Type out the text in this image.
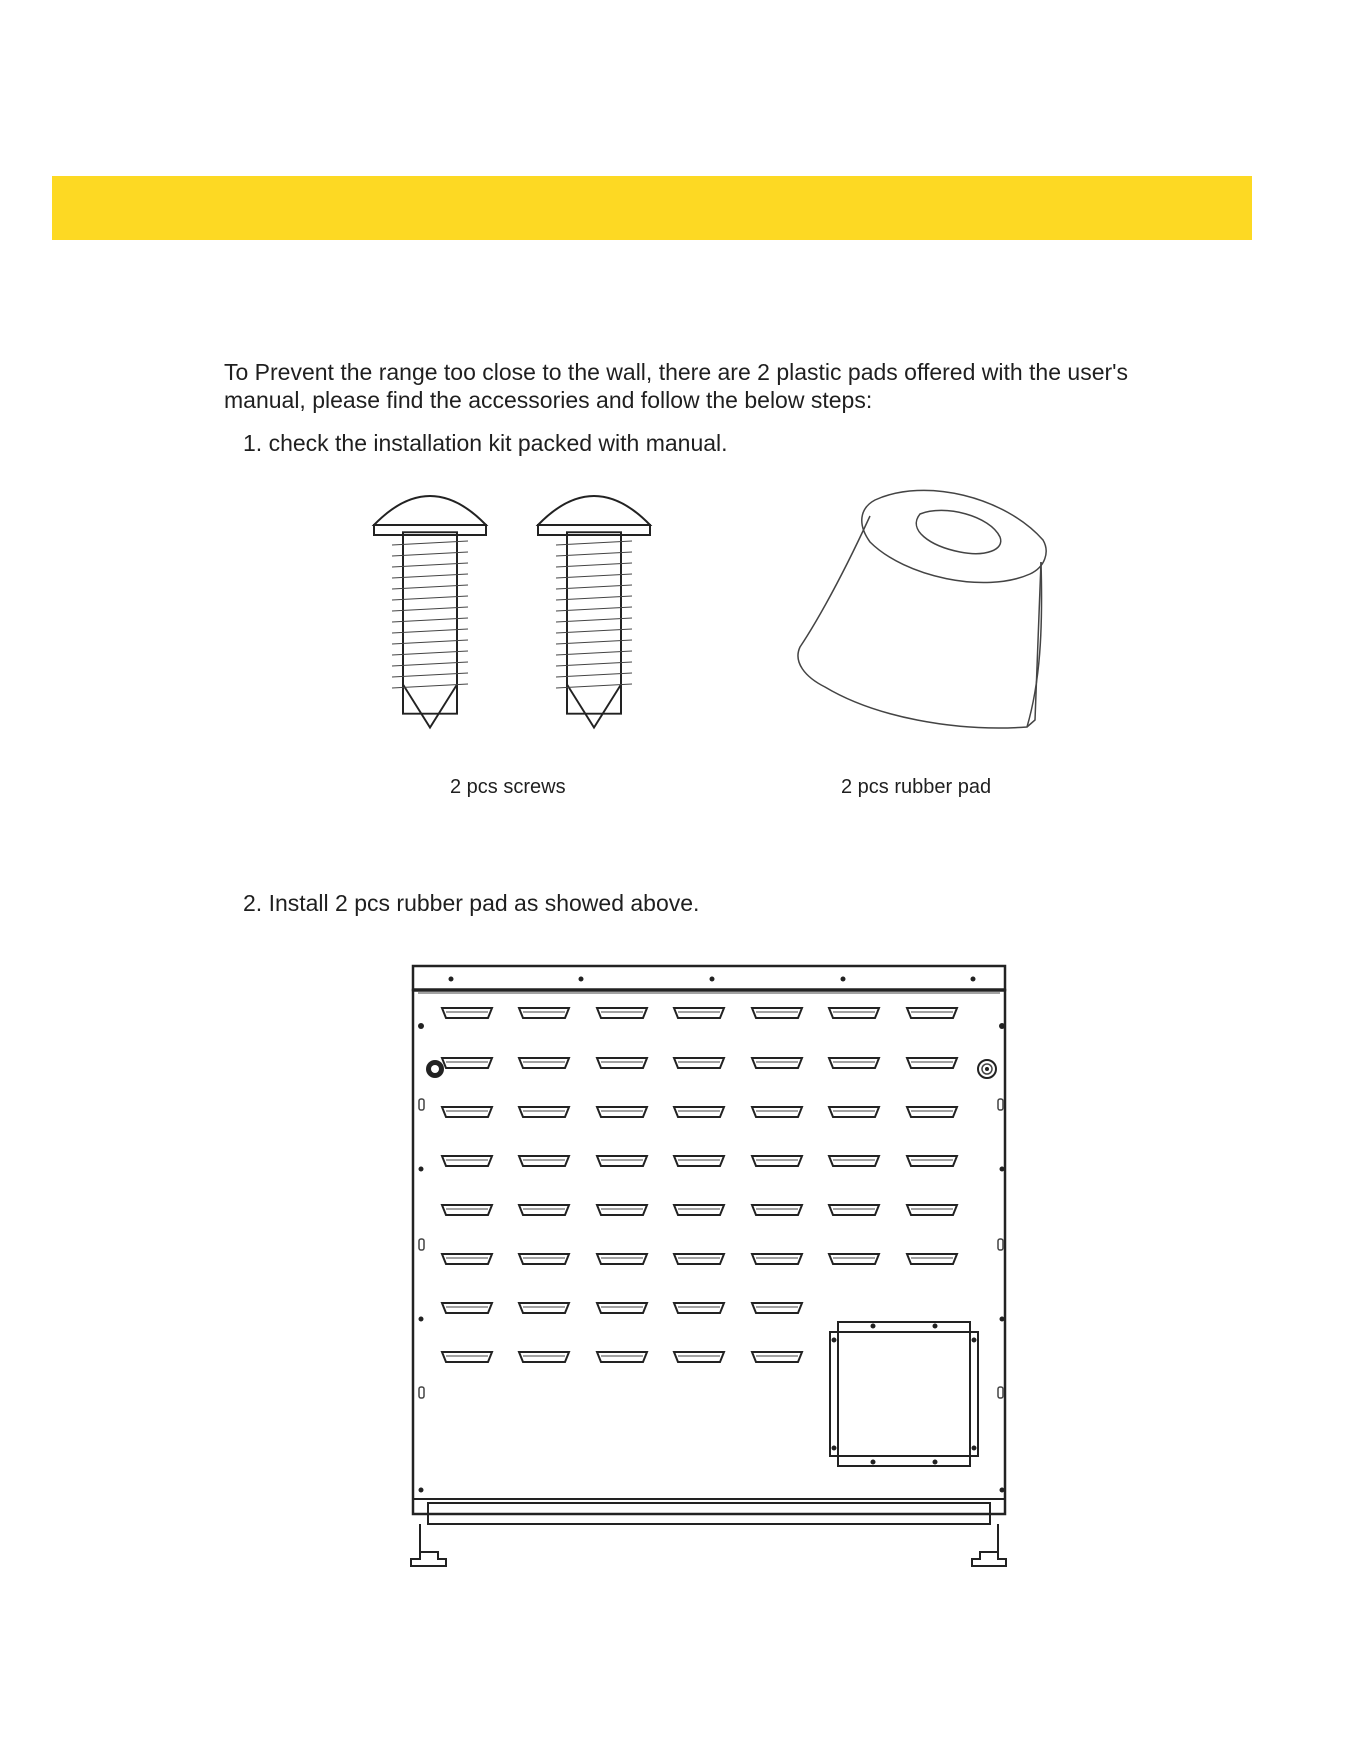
To Prevent the range too close to the wall, there are 2 plastic pads offered with the user's manual, please find the accessories and follow the below steps:

1. check the installation kit packed with manual.

2 pcs screws	2 pcs rubber pad

2. Install 2 pcs rubber pad as showed above.
